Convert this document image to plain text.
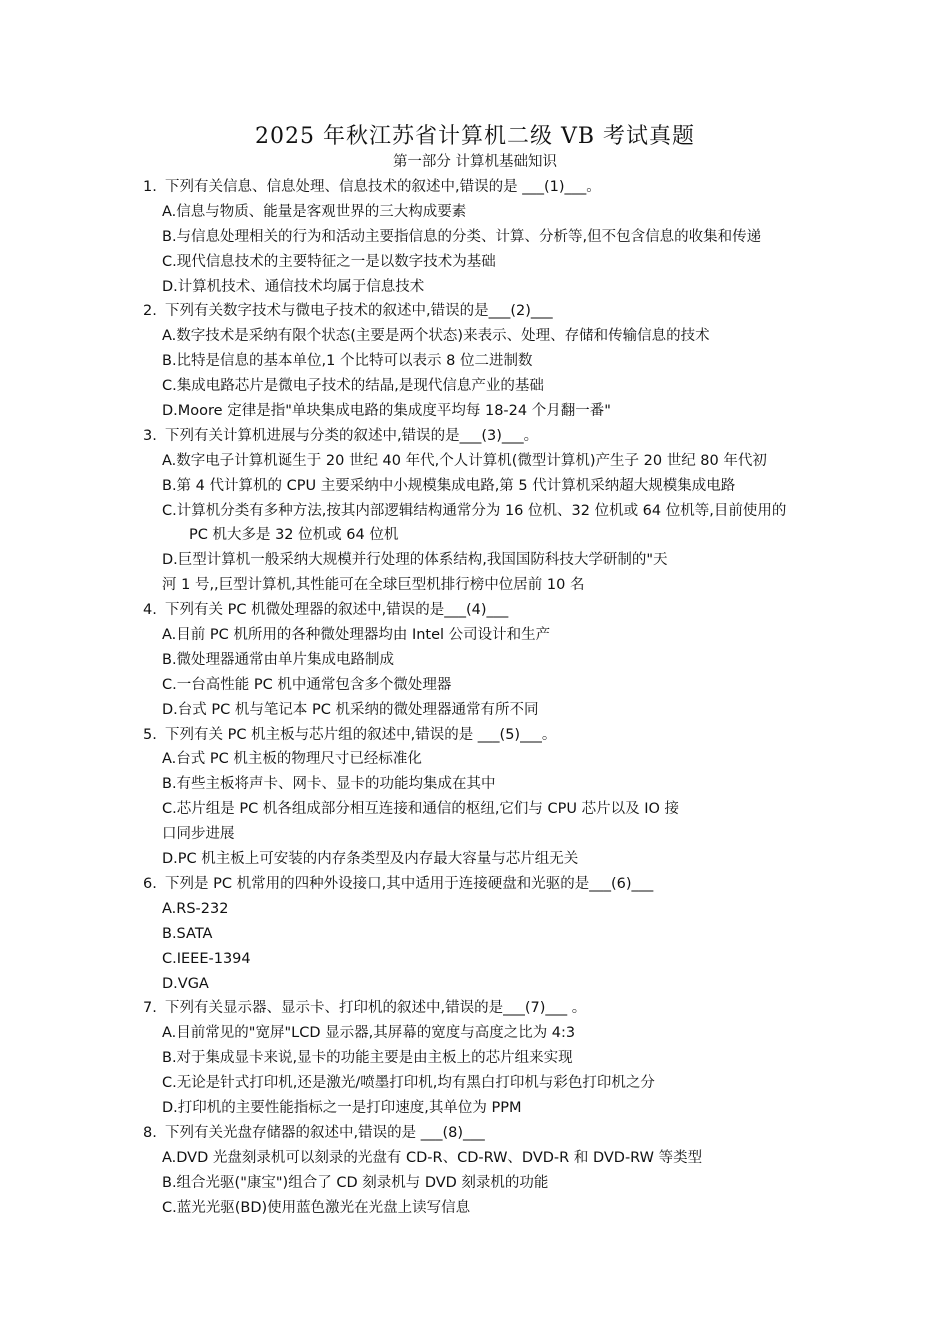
2025 年秋江苏省计算机二级 VB 考试真题
第一部分 计算机基础知识
1. 下列有关信息、信息处理、信息技术的叙述中,错误的是 ___(1)___。
A.信息与物质、能量是客观世界的三大构成要素
B.与信息处理相关的行为和活动主要指信息的分类、计算、分析等,但不包含信息的收集和传递
C.现代信息技术的主要特征之一是以数字技术为基础
D.计算机技术、通信技术均属于信息技术
2. 下列有关数字技术与微电子技术的叙述中,错误的是___(2)___
A.数字技术是采纳有限个状态(主要是两个状态)来表示、处理、存储和传输信息的技术
B.比特是信息的基本单位,1 个比特可以表示 8 位二进制数
C.集成电路芯片是微电子技术的结晶,是现代信息产业的基础
D.Moore 定律是指"单块集成电路的集成度平均每 18-24 个月翻一番"
3. 下列有关计算机进展与分类的叙述中,错误的是___(3)___。
A.数字电子计算机诞生于 20 世纪 40 年代,个人计算机(微型计算机)产生子 20 世纪 80 年代初
B.第 4 代计算机的 CPU 主要采纳中小规模集成电路,第 5 代计算机采纳超大规模集成电路
C.计算机分类有多种方法,按其内部逻辑结构通常分为 16 位机、32 位机或 64 位机等,目前使用的
PC 机大多是 32 位机或 64 位机
D.巨型计算机一般采纳大规模并行处理的体系结构,我国国防科技大学研制的"天
河 1 号,,巨型计算机,其性能可在全球巨型机排行榜中位居前 10 名
4. 下列有关 PC 机微处理器的叙述中,错误的是___(4)___
A.目前 PC 机所用的各种微处理器均由 Intel 公司设计和生产
B.微处理器通常由单片集成电路制成
C.一台高性能 PC 机中通常包含多个微处理器
D.台式 PC 机与笔记本 PC 机采纳的微处理器通常有所不同
5. 下列有关 PC 机主板与芯片组的叙述中,错误的是 ___(5)___。
A.台式 PC 机主板的物理尺寸已经标准化
B.有些主板将声卡、网卡、显卡的功能均集成在其中
C.芯片组是 PC 机各组成部分相互连接和通信的枢纽,它们与 CPU 芯片以及 IO 接
口同步进展
D.PC 机主板上可安装的内存条类型及内存最大容量与芯片组无关
6. 下列是 PC 机常用的四种外设接口,其中适用于连接硬盘和光驱的是___(6)___
A.RS-232
B.SATA
C.IEEE-1394
D.VGA
7. 下列有关显示器、显示卡、打印机的叙述中,错误的是___(7)___ 。
A.目前常见的"宽屏"LCD 显示器,其屏幕的宽度与高度之比为 4:3
B.对于集成显卡来说,显卡的功能主要是由主板上的芯片组来实现
C.无论是针式打印机,还是激光/喷墨打印机,均有黑白打印机与彩色打印机之分
D.打印机的主要性能指标之一是打印速度,其单位为 PPM
8. 下列有关光盘存储器的叙述中,错误的是 ___(8)___
A.DVD 光盘刻录机可以刻录的光盘有 CD-R、CD-RW、DVD-R 和 DVD-RW 等类型
B.组合光驱("康宝")组合了 CD 刻录机与 DVD 刻录机的功能
C.蓝光光驱(BD)使用蓝色激光在光盘上读写信息
